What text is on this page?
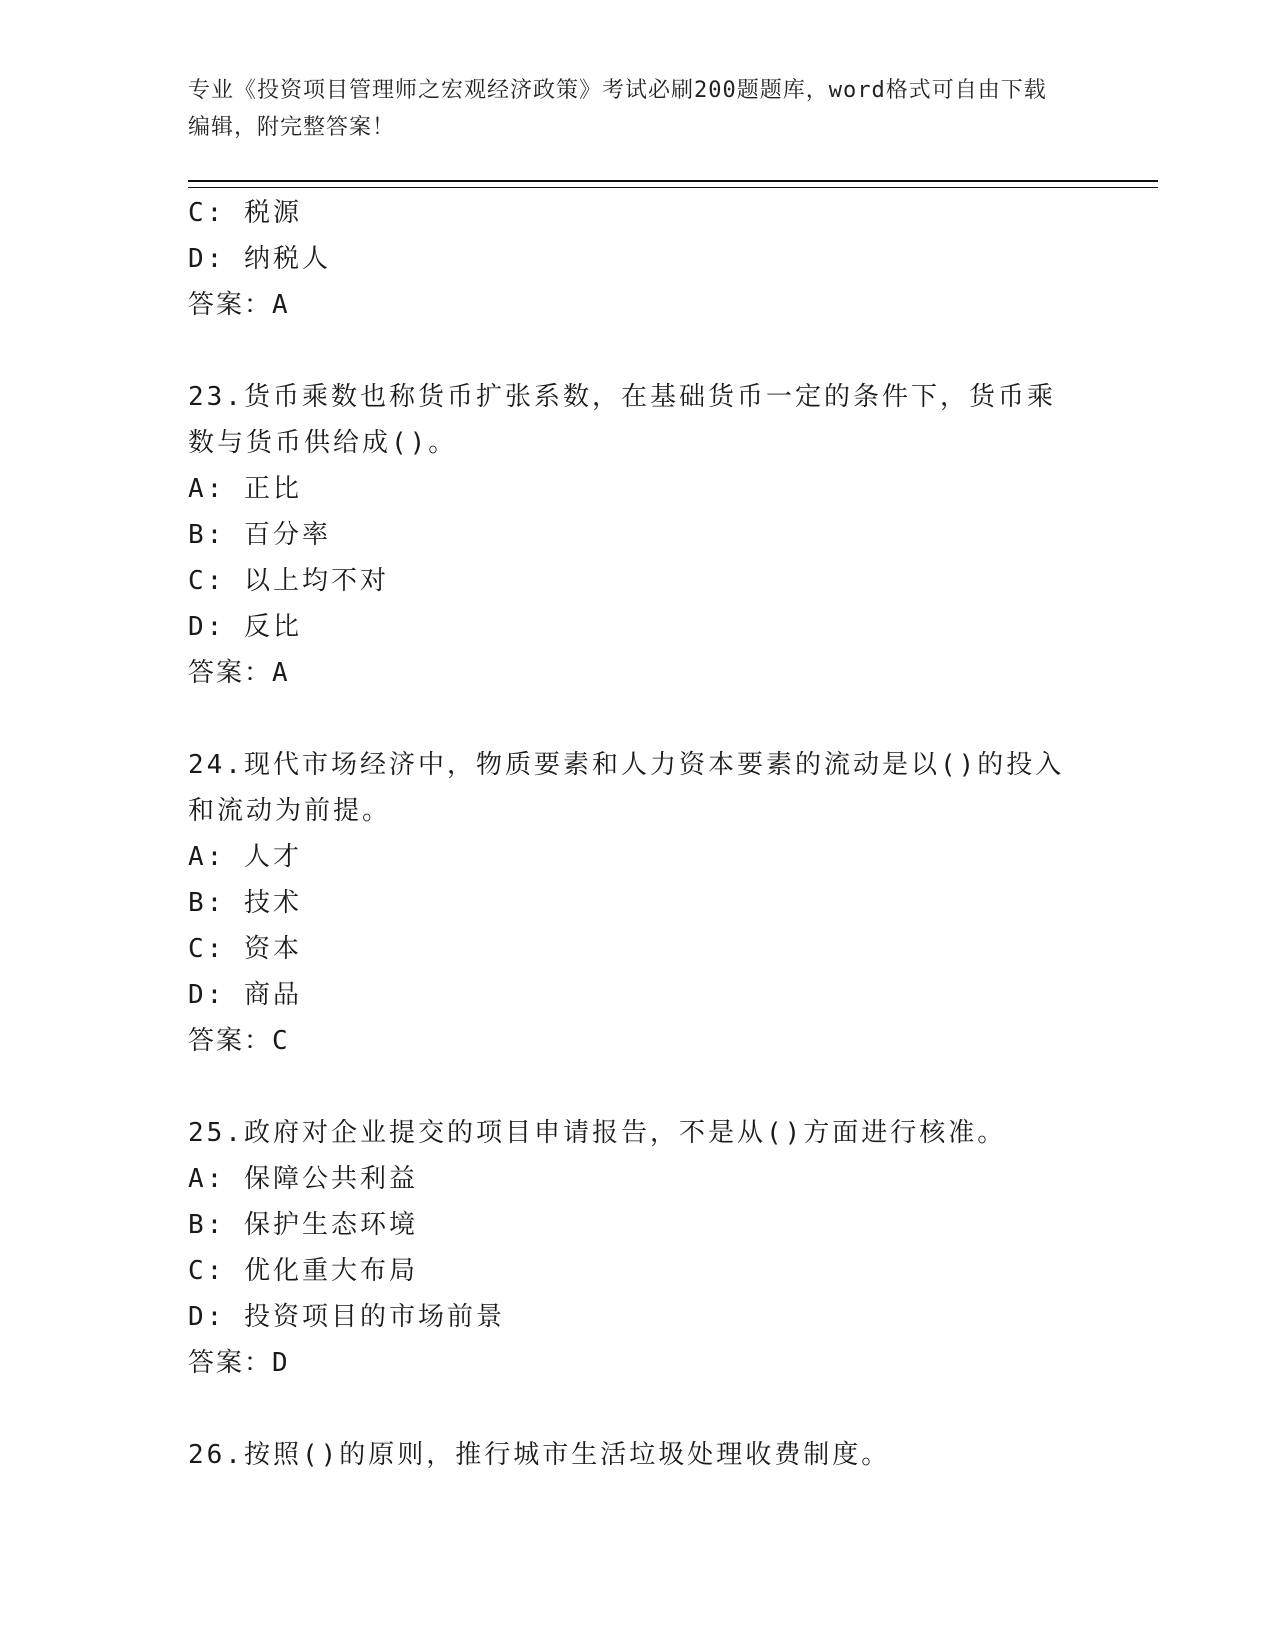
专业《投资项目管理师之宏观经济政策》考试必刷200题题库，word格式可自由下载编辑，附完整答案！
C: 税源
D: 纳税人
答案：A
23.货币乘数也称货币扩张系数，在基础货币一定的条件下，货币乘数与货币供给成()。
A: 正比
B: 百分率
C: 以上均不对
D: 反比
答案：A
24.现代市场经济中，物质要素和人力资本要素的流动是以()的投入和流动为前提。
A: 人才
B: 技术
C: 资本
D: 商品
答案：C
25.政府对企业提交的项目申请报告，不是从()方面进行核准。
A: 保障公共利益
B: 保护生态环境
C: 优化重大布局
D: 投资项目的市场前景
答案：D
26.按照()的原则，推行城市生活垃圾处理收费制度。
